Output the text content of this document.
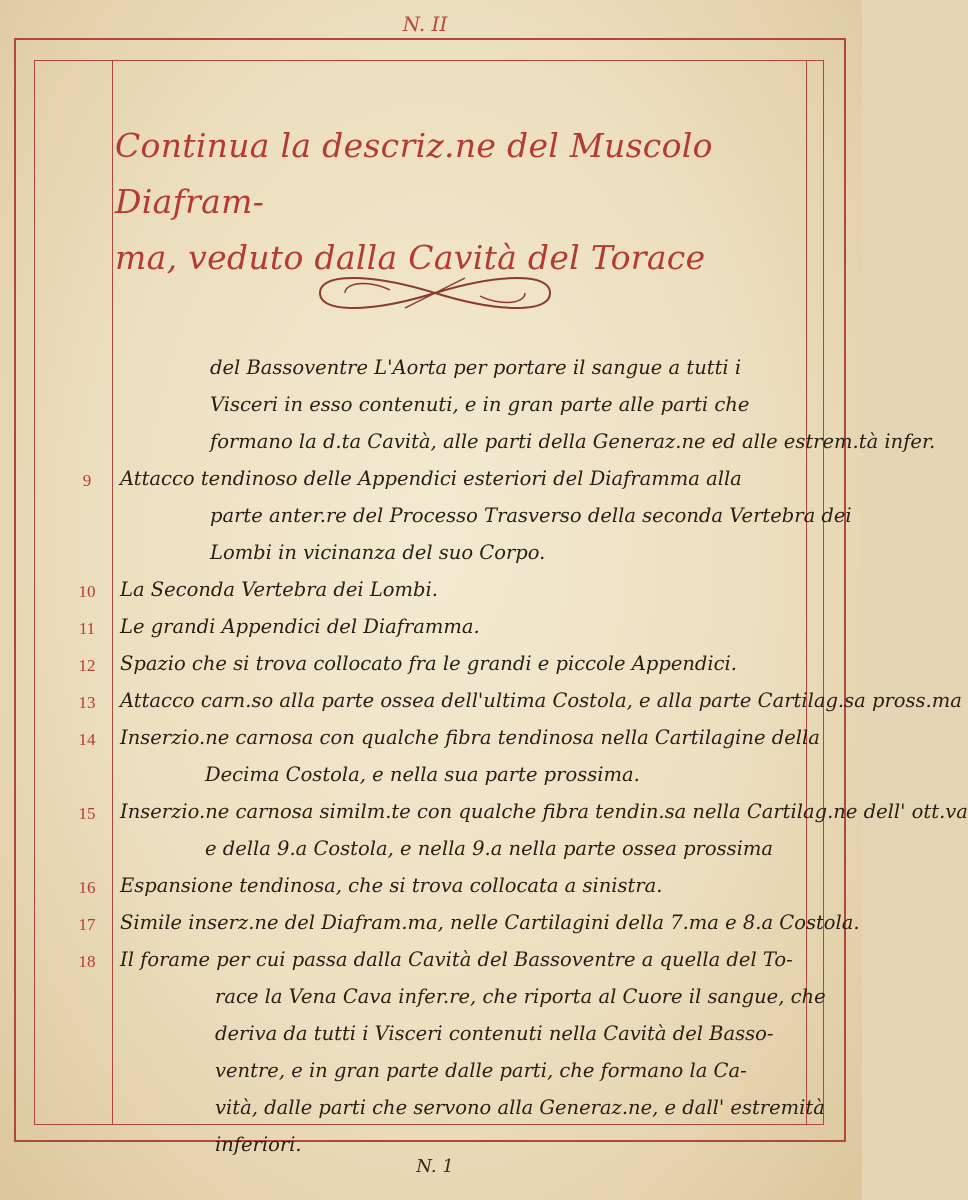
N. II
Continua la descriz.ne del Muscolo Diafram-
ma, veduto dalla Cavità del Torace
del Bassoventre L'Aorta per portare il sangue a tutti i
Visceri in esso contenuti, e in gran parte alle parti che
formano la d.ta Cavità, alle parti della Generaz.ne ed alle estrem.tà infer.
9	Attacco tendinoso delle Appendici esteriori del Diaframma alla
parte anter.re del Processo Trasverso della seconda Vertebra dei
Lombi in vicinanza del suo Corpo.
10	La Seconda Vertebra dei Lombi.
11	Le grandi Appendici del Diaframma.
12	Spazio che si trova collocato fra le grandi e piccole Appendici.
13	Attacco carn.so alla parte ossea dell'ultima Costola, e alla parte Cartilag.sa pross.ma
14	Inserzio.ne carnosa con qualche fibra tendinosa nella Cartilagine della
Decima Costola, e nella sua parte prossima.
15	Inserzio.ne carnosa similm.te con qualche fibra tendin.sa nella Cartilag.ne dell' ott.va
e della 9.a Costola, e nella 9.a nella parte ossea prossima
16	Espansione tendinosa, che si trova collocata a sinistra.
17	Simile inserz.ne del Diafram.ma, nelle Cartilagini della 7.ma e 8.a Costola.
18	Il forame per cui passa dalla Cavità del Bassoventre a quella del To-
race la Vena Cava infer.re, che riporta al Cuore il sangue, che
deriva da tutti i Visceri contenuti nella Cavità del Basso-
ventre, e in gran parte dalle parti, che formano la Ca-
vità, dalle parti che servono alla Generaz.ne, e dall' estremità
inferiori.
N. 1
